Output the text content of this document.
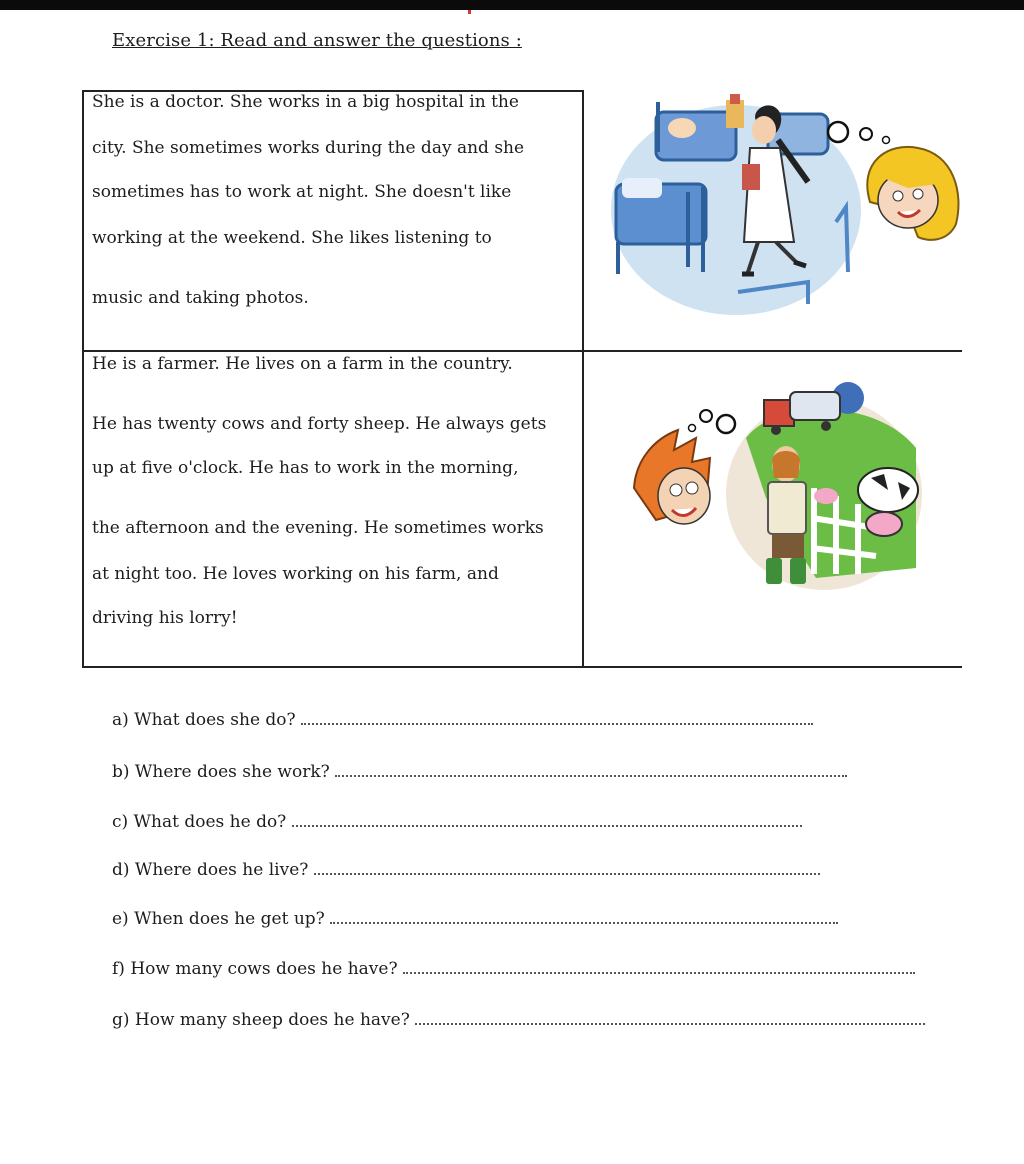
Exercise 1: Read and answer the questions :
She is a doctor. She works in a big hospital in the
city. She sometimes works during the day and she
sometimes has to work at night. She doesn't like
working at the weekend. She likes listening to
music and taking photos.
He is a farmer. He lives on a farm in the country.
He has twenty cows and forty sheep. He always gets
up at five o'clock. He has to work in the morning,
the afternoon and the evening. He sometimes works
at night too. He loves working on his farm, and
driving his lorry!
a) What does she do?
b) Where does she work?
c) What does he do?
d) Where does he live?
e) When does he get up?
f) How many cows does he have?
g) How many sheep does he have?
